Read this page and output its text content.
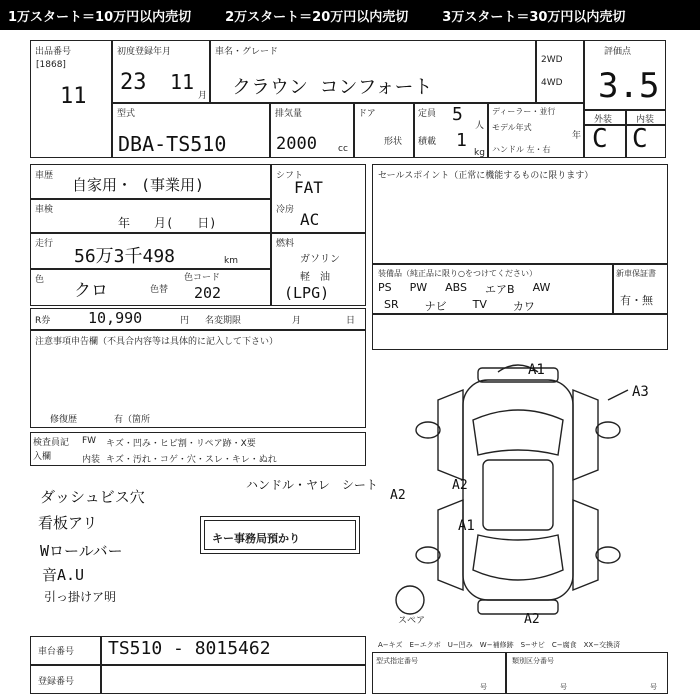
1万スタート＝10万円以内売切	2万スタート＝20万円以内売切	3万スタート＝30万円以内売切
出品番号
[1868]
11
初度登録年月
23 11
月
車名・グレード
クラウン コンフォート
2WD
4WD
評価点
3.5
型式
DBA-TS510
排気量
2000 cc
ドア
形状
定員 5
人
積載 1
kg
ディーラー・並行
モデル年式
年
ハンドル 左・右
外装	内装
C C
車歴 自家用・ (事業用)
車検
年　　月(　　日)
走行
56万3千498	km
色
クロ	色替
色コード
202
シフト
FAT
冷房 AC
燃料
ガソリン
軽　油
(LPG)
R券	10,990	円 名変期限	月	日
セールスポイント（正常に機能するものに限ります）
装備品（純正品に限り○をつけてください）
PS PW ABS エアB AW
SR ナビ TV カワ
新車保証書
有・無
注意事項申告欄（不具合内容等は具体的に記入して下さい）
修復歴	有（箇所
検査員記入欄
FW キズ・凹み・ヒビ割・リペア跡・X要
内装 キズ・汚れ・コゲ・穴・スレ・キレ・ぬれ
ハンドル・ヤレ　シート
ダッシュビス穴
看板アリ
Wロールバー
音A.U
引っ掛けア明
キー事務局預かり
A1
A3
A2
A2
A1
A2
スペア
車台番号 TS510 - 8015462
登録番号
A−キズ　E−エクボ　U−凹み　W−補修跡　S−サビ　C−腐食　XX−交換済
型式指定番号	類別区分番号
号	号	号
